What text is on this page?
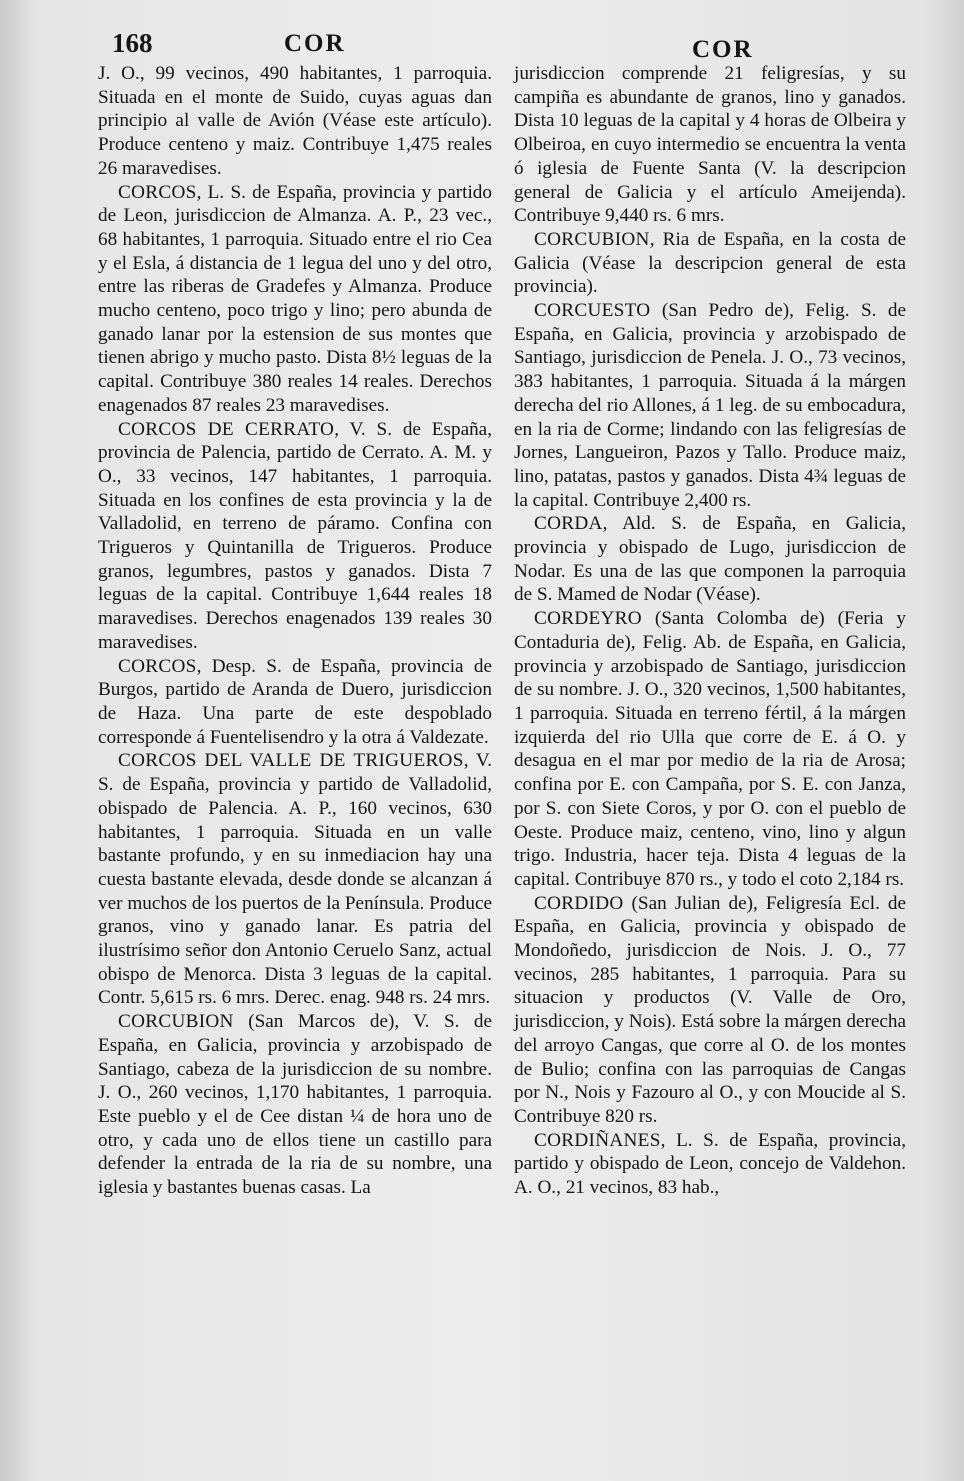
168	COR	COR

J. O., 99 vecinos, 490 habitantes, 1 parroquia. Situada en el monte de Suido, cuyas aguas dan principio al valle de Avión (Véase este artículo). Produce centeno y maiz. Contribuye 1,475 reales 26 maravedises.

CORCOS, L. S. de España, provincia y partido de Leon, jurisdiccion de Almanza. A. P., 23 vec., 68 habitantes, 1 parroquia. Situado entre el rio Cea y el Esla, á distancia de 1 legua del uno y del otro, entre las riberas de Gradefes y Almanza. Produce mucho centeno, poco trigo y lino; pero abunda de ganado lanar por la estension de sus montes que tienen abrigo y mucho pasto. Dista 8½ leguas de la capital. Contribuye 380 reales 14 reales. Derechos enagenados 87 reales 23 maravedises.

CORCOS DE CERRATO, V. S. de España, provincia de Palencia, partido de Cerrato. A. M. y O., 33 vecinos, 147 habitantes, 1 parroquia. Situada en los confines de esta provincia y la de Valladolid, en terreno de páramo. Confina con Trigueros y Quintanilla de Trigueros. Produce granos, legumbres, pastos y ganados. Dista 7 leguas de la capital. Contribuye 1,644 reales 18 maravedises. Derechos enagenados 139 reales 30 maravedises.

CORCOS, Desp. S. de España, provincia de Burgos, partido de Aranda de Duero, jurisdiccion de Haza. Una parte de este despoblado corresponde á Fuentelisendro y la otra á Valdezate.

CORCOS DEL VALLE DE TRIGUEROS, V. S. de España, provincia y partido de Valladolid, obispado de Palencia. A. P., 160 vecinos, 630 habitantes, 1 parroquia. Situada en un valle bastante profundo, y en su inmediacion hay una cuesta bastante elevada, desde donde se alcanzan á ver muchos de los puertos de la Península. Produce granos, vino y ganado lanar. Es patria del ilustrísimo señor don Antonio Ceruelo Sanz, actual obispo de Menorca. Dista 3 leguas de la capital. Contr. 5,615 rs. 6 mrs. Derec. enag. 948 rs. 24 mrs.

CORCUBION (San Marcos de), V. S. de España, en Galicia, provincia y arzobispado de Santiago, cabeza de la jurisdiccion de su nombre. J. O., 260 vecinos, 1,170 habitantes, 1 parroquia. Este pueblo y el de Cee distan ¼ de hora uno de otro, y cada uno de ellos tiene un castillo para defender la entrada de la ria de su nombre, una iglesia y bastantes buenas casas. La

jurisdiccion comprende 21 feligresías, y su campiña es abundante de granos, lino y ganados. Dista 10 leguas de la capital y 4 horas de Olbeira y Olbeiroa, en cuyo intermedio se encuentra la venta ó iglesia de Fuente Santa (V. la descripcion general de Galicia y el artículo Ameijenda). Contribuye 9,440 rs. 6 mrs.

CORCUBION, Ria de España, en la costa de Galicia (Véase la descripcion general de esta provincia).

CORCUESTO (San Pedro de), Felig. S. de España, en Galicia, provincia y arzobispado de Santiago, jurisdiccion de Penela. J. O., 73 vecinos, 383 habitantes, 1 parroquia. Situada á la márgen derecha del rio Allones, á 1 leg. de su embocadura, en la ria de Corme; lindando con las feligresías de Jornes, Langueiron, Pazos y Tallo. Produce maiz, lino, patatas, pastos y ganados. Dista 4¾ leguas de la capital. Contribuye 2,400 rs.

CORDA, Ald. S. de España, en Galicia, provincia y obispado de Lugo, jurisdiccion de Nodar. Es una de las que componen la parroquia de S. Mamed de Nodar (Véase).

CORDEYRO (Santa Colomba de) (Feria y Contaduria de), Felig. Ab. de España, en Galicia, provincia y arzobispado de Santiago, jurisdiccion de su nombre. J. O., 320 vecinos, 1,500 habitantes, 1 parroquia. Situada en terreno fértil, á la márgen izquierda del rio Ulla que corre de E. á O. y desagua en el mar por medio de la ria de Arosa; confina por E. con Campaña, por S. E. con Janza, por S. con Siete Coros, y por O. con el pueblo de Oeste. Produce maiz, centeno, vino, lino y algun trigo. Industria, hacer teja. Dista 4 leguas de la capital. Contribuye 870 rs., y todo el coto 2,184 rs.

CORDIDO (San Julian de), Feligresía Ecl. de España, en Galicia, provincia y obispado de Mondoñedo, jurisdiccion de Nois. J. O., 77 vecinos, 285 habitantes, 1 parroquia. Para su situacion y productos (V. Valle de Oro, jurisdiccion, y Nois). Está sobre la márgen derecha del arroyo Cangas, que corre al O. de los montes de Bulio; confina con las parroquias de Cangas por N., Nois y Fazouro al O., y con Moucide al S. Contribuye 820 rs.

CORDIÑANES, L. S. de España, provincia, partido y obispado de Leon, concejo de Valdehon. A. O., 21 vecinos, 83 hab.,
